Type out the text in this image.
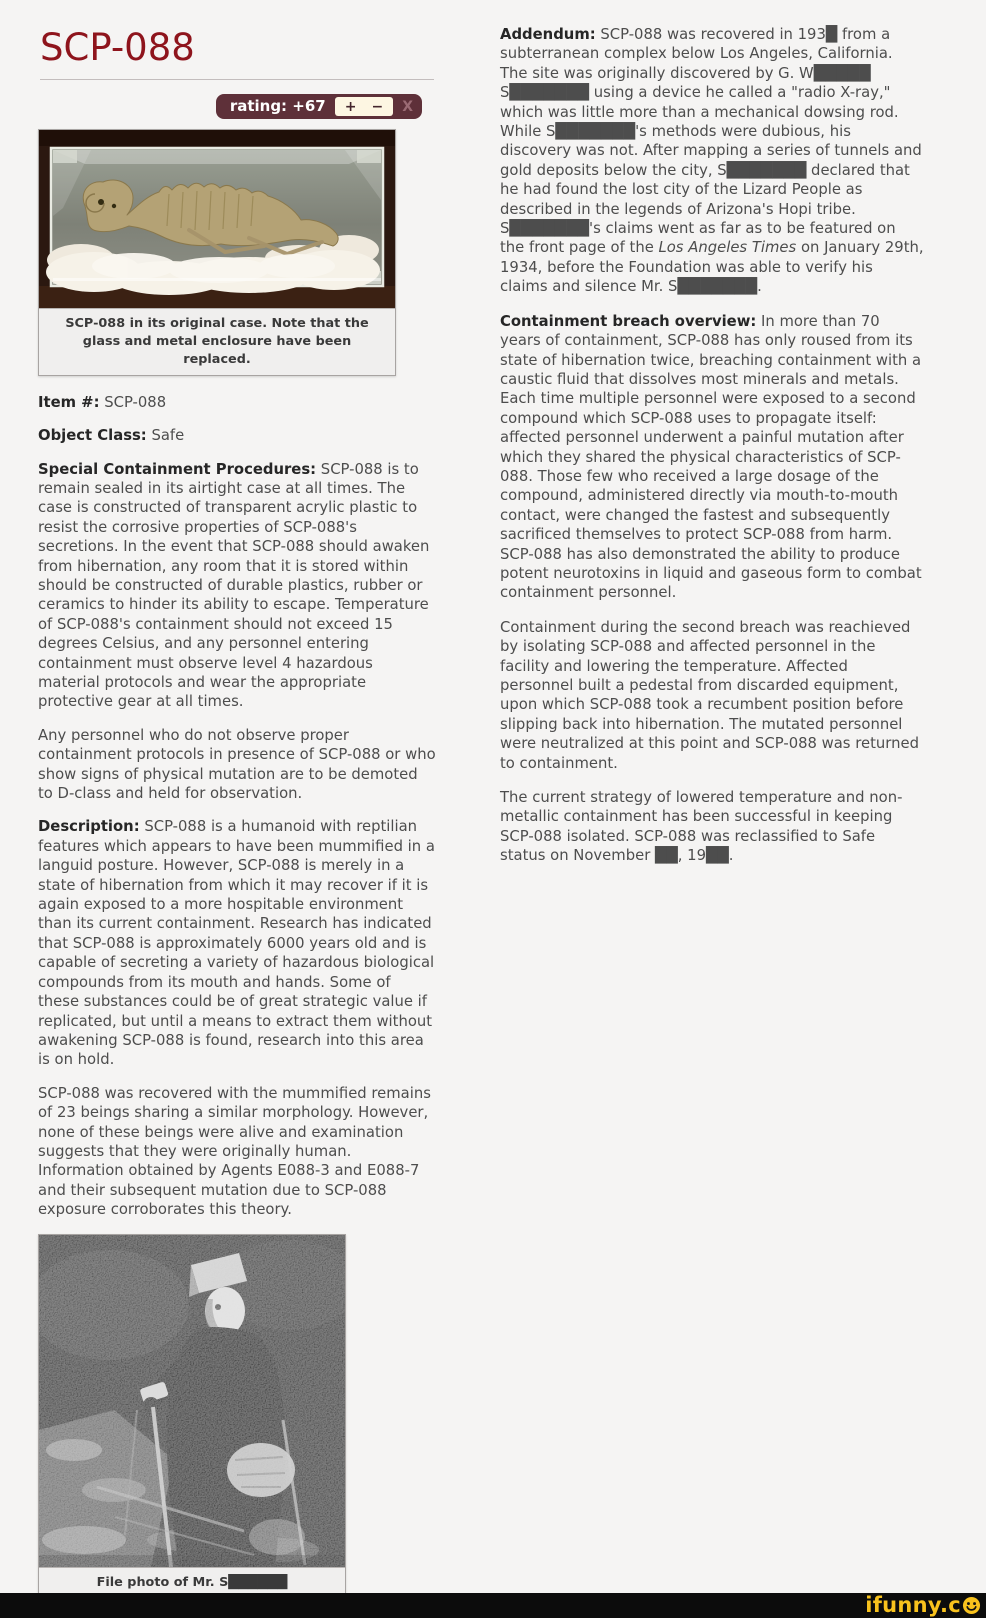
SCP-088
rating: +67 + − X
SCP-088 in its original case. Note that the glass and metal enclosure have been replaced.

Item #: SCP-088

Object Class: Safe

Special Containment Procedures: SCP-088 is to remain sealed in its airtight case at all times. The case is constructed of transparent acrylic plastic to resist the corrosive properties of SCP-088's secretions. In the event that SCP-088 should awaken from hibernation, any room that it is stored within should be constructed of durable plastics, rubber or ceramics to hinder its ability to escape. Temperature of SCP-088's containment should not exceed 15 degrees Celsius, and any personnel entering containment must observe level 4 hazardous material protocols and wear the appropriate protective gear at all times.

Any personnel who do not observe proper containment protocols in presence of SCP-088 or who show signs of physical mutation are to be demoted to D-class and held for observation.

Description: SCP-088 is a humanoid with reptilian features which appears to have been mummified in a languid posture. However, SCP-088 is merely in a state of hibernation from which it may recover if it is again exposed to a more hospitable environment than its current containment. Research has indicated that SCP-088 is approximately 6000 years old and is capable of secreting a variety of hazardous biological compounds from its mouth and hands. Some of these substances could be of great strategic value if replicated, but until a means to extract them without awakening SCP-088 is found, research into this area is on hold.

SCP-088 was recovered with the mummified remains of 23 beings sharing a similar morphology. However, none of these beings were alive and examination suggests that they were originally human. Information obtained by Agents E088-3 and E088-7 and their subsequent mutation due to SCP-088 exposure corroborates this theory.

File photo of Mr. S██████

Addendum: SCP-088 was recovered in 193█ from a subterranean complex below Los Angeles, California. The site was originally discovered by G. W█████ S███████ using a device he called a "radio X-ray," which was little more than a mechanical dowsing rod. While S███████'s methods were dubious, his discovery was not. After mapping a series of tunnels and gold deposits below the city, S███████ declared that he had found the lost city of the Lizard People as described in the legends of Arizona's Hopi tribe. S███████'s claims went as far as to be featured on the front page of the Los Angeles Times on January 29th, 1934, before the Foundation was able to verify his claims and silence Mr. S███████.

Containment breach overview: In more than 70 years of containment, SCP-088 has only roused from its state of hibernation twice, breaching containment with a caustic fluid that dissolves most minerals and metals. Each time multiple personnel were exposed to a second compound which SCP-088 uses to propagate itself: affected personnel underwent a painful mutation after which they shared the physical characteristics of SCP-088. Those few who received a large dosage of the compound, administered directly via mouth-to-mouth contact, were changed the fastest and subsequently sacrificed themselves to protect SCP-088 from harm. SCP-088 has also demonstrated the ability to produce potent neurotoxins in liquid and gaseous form to combat containment personnel.

Containment during the second breach was reachieved by isolating SCP-088 and affected personnel in the facility and lowering the temperature. Affected personnel built a pedestal from discarded equipment, upon which SCP-088 took a recumbent position before slipping back into hibernation. The mutated personnel were neutralized at this point and SCP-088 was returned to containment.

The current strategy of lowered temperature and non-metallic containment has been successful in keeping SCP-088 isolated. SCP-088 was reclassified to Safe status on November ██, 19██.

ifunny.c
